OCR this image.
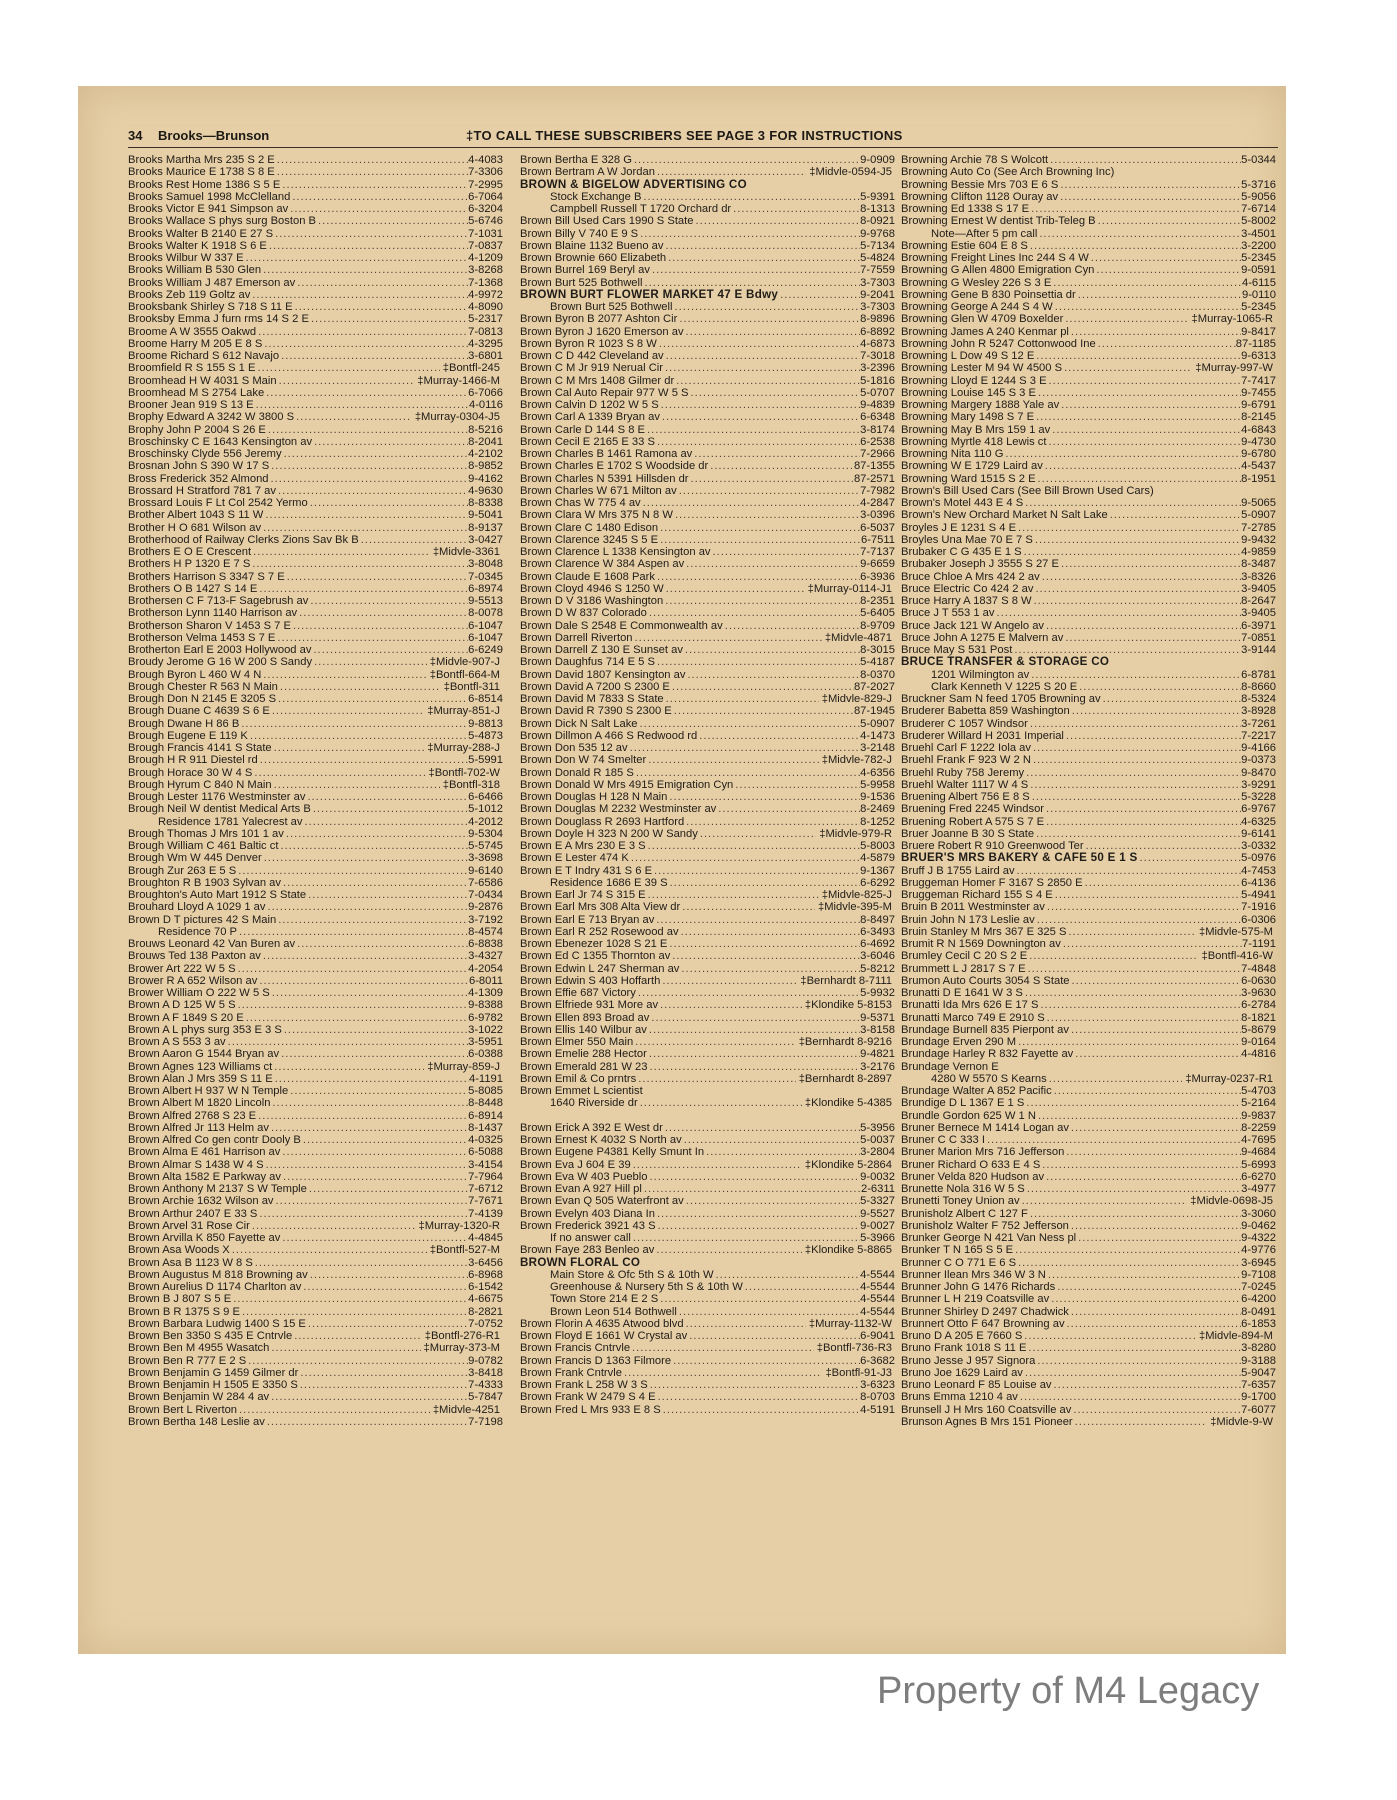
34 Brooks—Brunson	‡TO CALL THESE SUBSCRIBERS SEE PAGE 3 FOR INSTRUCTIONS
Brooks Martha Mrs 235 S 2 E .....	4-4083
Brooks Maurice E 1738 S 8 E .....	7-3306
Brooks Rest Home 1386 S 5 E .....	7-2995
Brooks Samuel 1998 McClelland .....	6-7064
Brooks Victor E 941 Simpson av .....	6-3204
Brooks Wallace S phys surg Boston B .....	5-6746
Brooks Walter B 2140 E 27 S .....	7-1031
Brooks Walter K 1918 S 6 E .....	7-0837
Brooks Wilbur W 337 E .....	4-1209
Brooks William B 530 Glen .....	3-8268
Brooks William J 487 Emerson av .....	7-1368
Brooks Zeb 119 Goltz av .....	4-9972
Brooksbank Shirley S 718 S 11 E .....	4-8090
Brooksby Emma J furn rms 14 S 2 E .....	5-2317
Broome A W 3555 Oakwd .....	7-0813
Broome Harry M 205 E 8 S .....	4-3295
Broome Richard S 612 Navajo .....	3-6801
Broomfield R S 155 S 1 E .....	‡Bontfl-245
Broomhead H W 4031 S Main .....	‡Murray-1466-M
Broomhead M S 2754 Lake .....	6-7066
Brooner Jean 919 S 13 E .....	4-0116
Brophy Edward A 3242 W 3800 S .....	‡Murray-0304-J5
Brophy John P 2004 S 26 E .....	8-5216
Broschinsky C E 1643 Kensington av .....	8-2041
Broschinsky Clyde 556 Jeremy .....	4-2102
Brosnan John S 390 W 17 S .....	8-9852
Bross Frederick 352 Almond .....	9-4162
Brossard H Stratford 781 7 av .....	4-9630
Brossard Louis F Lt Col 2542 Yermo .....	8-8338
Brother Albert 1043 S 11 W .....	9-5041
Brother H O 681 Wilson av .....	8-9137
Brotherhood of Railway Clerks Zions Sav Bk B .....	3-0427
Brothers E O E Crescent .....	‡Midvle-3361
Brothers H P 1320 E 7 S .....	3-8048
Brothers Harrison S 3347 S 7 E .....	7-0345
Brothers O B 1427 S 14 E .....	6-8974
Brothersen C F 713-F Sagebrush av .....	9-5513
Brotherson Lynn 1140 Harrison av .....	8-0078
Brotherson Sharon V 1453 S 7 E .....	6-1047
Brotherson Velma 1453 S 7 E .....	6-1047
Brotherton Earl E 2003 Hollywood av .....	6-6249
Broudy Jerome G 16 W 200 S Sandy .....	‡Midvle-907-J
Brough Byron L 460 W 4 N .....	‡Bontfl-664-M
Brough Chester R 563 N Main .....	‡Bontfl-311
Brough Don N 2145 E 3205 S .....	6-8514
Brough Duane C 4639 S 6 E .....	‡Murray-851-J
Brough Dwane H 86 B .....	9-8813
Brough Eugene E 119 K .....	5-4873
Brough Francis 4141 S State .....	‡Murray-288-J
Brough H R 911 Diestel rd .....	5-5991
Brough Horace 30 W 4 S .....	‡Bontfl-702-W
Brough Hyrum C 840 N Main .....	‡Bontfl-318
Brough Lester 1176 Westminster av .....	6-6466
Brough Neil W dentist Medical Arts B .....	5-1012
Residence 1781 Yalecrest av .....	4-2012
Brough Thomas J Mrs 101 1 av .....	9-5304
Brough William C 461 Baltic ct .....	5-5745
Brough Wm W 445 Denver .....	3-3698
Brough Zur 263 E 5 S .....	9-6140
Broughton R B 1903 Sylvan av .....	7-6586
Broughton's Auto Mart 1912 S State .....	7-0434
Brouhard Lloyd A 1029 1 av .....	9-2876
Brown D T pictures 42 S Main .....	3-7192
Residence 70 P .....	8-4574
Brouws Leonard 42 Van Buren av .....	6-8838
Brouws Ted 138 Paxton av .....	3-4327
Brower Art 222 W 5 S .....	4-2054
Brower R A 652 Wilson av .....	6-8011
Brower William O 222 W 5 S .....	4-1309
Brown A D 125 W 5 S .....	9-8388
Brown A F 1849 S 20 E .....	6-9782
Brown A L phys surg 353 E 3 S .....	3-1022
Brown A S 553 3 av .....	3-5951
Brown Aaron G 1544 Bryan av .....	6-0388
Brown Agnes 123 Williams ct .....	‡Murray-859-J
Brown Alan J Mrs 359 S 11 E .....	4-1191
Brown Albert H 937 W N Temple .....	5-8085
Brown Albert M 1820 Lincoln .....	8-8448
Brown Alfred 2768 S 23 E .....	6-8914
Brown Alfred Jr 113 Helm av .....	8-1437
Brown Alfred Co gen contr Dooly B .....	4-0325
Brown Alma E 461 Harrison av .....	6-5088
Brown Almar S 1438 W 4 S .....	3-4154
Brown Alta 1582 E Parkway av .....	7-7964
Brown Anthony M 2137 S W Temple .....	7-6712
Brown Archie 1632 Wilson av .....	7-7671
Brown Arthur 2407 E 33 S .....	7-4139
Brown Arvel 31 Rose Cir .....	‡Murray-1320-R
Brown Arvilla K 850 Fayette av .....	4-4845
Brown Asa Woods X .....	‡Bontfl-527-M
Brown Asa B 1123 W 8 S .....	3-6456
Brown Augustus M 818 Browning av .....	6-8968
Brown Aurelius D 1174 Charlton av .....	6-1542
Brown B J 807 S 5 E .....	4-6675
Brown B R 1375 S 9 E .....	8-2821
Brown Barbara Ludwig 1400 S 15 E .....	7-0752
Brown Ben 3350 S 435 E Cntrvle .....	‡Bontfl-276-R1
Brown Ben M 4955 Wasatch .....	‡Murray-373-M
Brown Ben R 777 E 2 S .....	9-0782
Brown Benjamin G 1459 Gilmer dr .....	3-8418
Brown Benjamin H 1505 E 3350 S .....	7-4333
Brown Benjamin W 284 4 av .....	5-7847
Brown Bert L Riverton .....	‡Midvle-4251
Brown Bertha 148 Leslie av .....	7-7198
Brown Bertha E 328 G .....	9-0909
Brown Bertram A W Jordan .....	‡Midvle-0594-J5
BROWN & BIGELOW ADVERTISING CO
Stock Exchange B .....	5-9391
Campbell Russell T 1720 Orchard dr .....	8-1313
Brown Bill Used Cars 1990 S State .....	8-0921
Brown Billy V 740 E 9 S .....	9-9768
Brown Blaine 1132 Bueno av .....	5-7134
Brown Brownie 660 Elizabeth .....	5-4824
Brown Burrel 169 Beryl av .....	7-7559
Brown Burt 525 Bothwell .....	3-7303
BROWN BURT FLOWER MARKET 47 E Bdwy .....	9-2041
Brown Burt 525 Bothwell .....	3-7303
Brown Byron B 2077 Ashton Cir .....	8-9896
Brown Byron J 1620 Emerson av .....	6-8892
Brown Byron R 1023 S 8 W .....	4-6873
Brown C D 442 Cleveland av .....	7-3018
Brown C M Jr 919 Nerual Cir .....	3-2396
Brown C M Mrs 1408 Gilmer dr .....	5-1816
Brown Cal Auto Repair 977 W 5 S .....	5-0707
Brown Calvin D 1202 W 5 S .....	9-4839
Brown Carl A 1339 Bryan av .....	6-6348
Brown Carle D 144 S 8 E .....	3-8174
Brown Cecil E 2165 E 33 S .....	6-2538
Brown Charles B 1461 Ramona av .....	7-2966
Brown Charles E 1702 S Woodside dr .....	87-1355
Brown Charles N 5391 Hillsden dr .....	87-2571
Brown Charles W 671 Milton av .....	7-7982
Brown Chas W 775 4 av .....	4-2847
Brown Clara W Mrs 375 N 8 W .....	3-0396
Brown Clare C 1480 Edison .....	6-5037
Brown Clarence 3245 S 5 E .....	6-7511
Brown Clarence L 1338 Kensington av .....	7-7137
Brown Clarence W 384 Aspen av .....	9-6659
Brown Claude E 1608 Park .....	6-3936
Brown Cloyd 4946 S 1250 W .....	‡Murray-0114-J1
Brown D V 3186 Washington .....	8-2351
Brown D W 837 Colorado .....	5-6405
Brown Dale S 2548 E Commonwealth av .....	8-9709
Brown Darrell Riverton .....	‡Midvle-4871
Brown Darrell Z 130 E Sunset av .....	8-3015
Brown Daughfus 714 E 5 S .....	5-4187
Brown David 1807 Kensington av .....	8-0370
Brown David A 7200 S 2300 E .....	87-2027
Brown David M 7833 S State .....	‡Midvle-829-J
Brown David R 7390 S 2300 E .....	87-1945
Brown Dick N Salt Lake .....	5-0907
Brown Dillmon A 466 S Redwood rd .....	4-1473
Brown Don 535 12 av .....	3-2148
Brown Don W 74 Smelter .....	‡Midvle-782-J
Brown Donald R 185 S .....	4-6356
Brown Donald W Mrs 4915 Emigration Cyn .....	5-9958
Brown Douglas H 128 N Main .....	9-1536
Brown Douglas M 2232 Westminster av .....	8-2469
Brown Douglass R 2693 Hartford .....	8-1252
Brown Doyle H 323 N 200 W Sandy .....	‡Midvle-979-R
Brown E A Mrs 230 E 3 S .....	5-8003
Brown E Lester 474 K .....	4-5879
Brown E T Indry 431 S 6 E .....	9-1367
Residence 1686 E 39 S .....	6-6292
Brown Earl Jr 74 S 315 E .....	‡Midvle-825-J
Brown Earl Mrs 308 Alta View dr .....	‡Midvle-395-M
Brown Earl E 713 Bryan av .....	8-8497
Brown Earl R 252 Rosewood av .....	6-3493
Brown Ebenezer 1028 S 21 E .....	6-4692
Brown Ed C 1355 Thornton av .....	3-6046
Brown Edwin L 247 Sherman av .....	5-8212
Brown Edwin S 403 Hoffarth .....	‡Bernhardt 8-7111
Brown Effie 687 Victory .....	5-9932
Brown Elfriede 931 More av .....	‡Klondike 5-8153
Brown Ellen 893 Broad av .....	9-5371
Brown Ellis 140 Wilbur av .....	3-8158
Brown Elmer 550 Main .....	‡Bernhardt 8-9216
Brown Emelie 288 Hector .....	9-4821
Brown Emerald 281 W 23 .....	3-2176
Brown Emil & Co prntrs .....	‡Bernhardt 8-2897
Brown Emmet L scientist
1640 Riverside dr .....	‡Klondike 5-4385
Brown Erick A 392 E West dr .....	5-3956
Brown Ernest K 4032 S North av .....	5-0037
Brown Eugene P4381 Kelly Smunt In .....	3-2804
Brown Eva J 604 E 39 .....	‡Klondike 5-2864
Brown Eva W 403 Pueblo .....	9-0032
Brown Evan A 927 Hill pl .....	2-6311
Brown Evan Q 505 Waterfront av .....	5-3327
Brown Evelyn 403 Diana In .....	9-5527
Brown Frederick 3921 43 S .....	9-0027
If no answer call .....	5-3966
Brown Faye 283 Benleo av .....	‡Klondike 5-8865
BROWN FLORAL CO
Main Store & Ofc 5th S & 10th W .....	4-5544
Greenhouse & Nursery 5th S & 10th W .....	4-5544
Town Store 214 E 2 S .....	4-5544
Brown Leon 514 Bothwell .....	4-5544
Brown Florin A 4635 Atwood blvd .....	‡Murray-1132-W
Brown Floyd E 1661 W Crystal av .....	6-9041
Brown Francis Cntrvle .....	‡Bontfl-736-R3
Brown Francis D 1363 Filmore .....	6-3682
Brown Frank Cntrvle .....	‡Bontfl-91-J3
Brown Frank L 258 W 3 S .....	3-6323
Brown Frank W 2479 S 4 E .....	8-0703
Brown Fred L Mrs 933 E 8 S .....	4-5191
Browning Archie 78 S Wolcott .....	5-0344
Browning Auto Co (See Arch Browning Inc)
Browning Bessie Mrs 703 E 6 S .....	5-3716
Browning Clifton 1128 Ouray av .....	5-9056
Browning Ed 1338 S 17 E .....	7-6714
Browning Ernest W dentist Trib-Teleg B .....	5-8002
Note—After 5 pm call .....	3-4501
Browning Estie 604 E 8 S .....	3-2200
Browning Freight Lines Inc 244 S 4 W .....	5-2345
Browning G Allen 4800 Emigration Cyn .....	9-0591
Browning G Wesley 226 S 3 E .....	4-6115
Browning Gene B 830 Poinsettia dr .....	9-0110
Browning George A 244 S 4 W .....	5-2345
Browning Glen W 4709 Boxelder .....	‡Murray-1065-R
Browning James A 240 Kenmar pl .....	9-8417
Browning John R 5247 Cottonwood Ine .....	87-1185
Browning L Dow 49 S 12 E .....	9-6313
Browning Lester M 94 W 4500 S .....	‡Murray-997-W
Browning Lloyd E 1244 S 3 E .....	7-7417
Browning Louise 145 S 3 E .....	9-7455
Browning Margery 1888 Yale av .....	9-6791
Browning Mary 1498 S 7 E .....	8-2145
Browning May B Mrs 159 1 av .....	4-6843
Browning Myrtle 418 Lewis ct .....	9-4730
Browning Nita 110 G .....	9-6780
Browning W E 1729 Laird av .....	4-5437
Browning Ward 1515 S 2 E .....	8-1951
Brown's Bill Used Cars (See Bill Brown Used Cars)
Brown's Motel 443 E 4 S .....	9-5065
Brown's New Orchard Market N Salt Lake .....	5-0907
Broyles J E 1231 S 4 E .....	7-2785
Broyles Una Mae 70 E 7 S .....	9-9432
Brubaker C G 435 E 1 S .....	4-9859
Brubaker Joseph J 3555 S 27 E .....	8-3487
Bruce Chloe A Mrs 424 2 av .....	3-8326
Bruce Electric Co 424 2 av .....	3-9405
Bruce Harry A 1837 S 8 W .....	8-2647
Bruce J T 553 1 av .....	3-9405
Bruce Jack 121 W Angelo av .....	6-3971
Bruce John A 1275 E Malvern av .....	7-0851
Bruce May S 531 Post .....	3-9144
BRUCE TRANSFER & STORAGE CO
1201 Wilmington av .....	6-8781
Clark Kenneth V 1225 S 20 E .....	8-8660
Bruckner Sam N feed 1705 Browning av .....	8-5324
Bruderer Babetta 859 Washington .....	3-8928
Bruderer C 1057 Windsor .....	3-7261
Bruderer Willard H 2031 Imperial .....	7-2217
Bruehl Carl F 1222 Iola av .....	9-4166
Bruehl Frank F 923 W 2 N .....	9-0373
Bruehl Ruby 758 Jeremy .....	9-8470
Bruehl Walter 1117 W 4 S .....	3-9291
Bruening Albert 756 E 8 S .....	5-3228
Bruening Fred 2245 Windsor .....	6-9767
Bruening Robert A 575 S 7 E .....	4-6325
Bruer Joanne B 30 S State .....	9-6141
Bruere Robert R 910 Greenwood Ter .....	3-0332
BRUER'S MRS BAKERY & CAFE 50 E 1 S .....	5-0976
Bruff J B 1755 Laird av .....	4-7453
Bruggeman Homer F 3167 S 2850 E .....	6-4136
Bruggeman Richard 155 S 4 E .....	5-4941
Bruin B 2011 Westminster av .....	7-1916
Bruin John N 173 Leslie av .....	6-0306
Bruin Stanley M Mrs 367 E 325 S .....	‡Midvle-575-M
Brumit R N 1569 Downington av .....	7-1191
Brumley Cecil C 20 S 2 E .....	‡Bontfl-416-W
Brummett L J 2817 S 7 E .....	7-4848
Brumon Auto Courts 3054 S State .....	6-0630
Brunatti D E 1641 W 3 S .....	3-9630
Brunatti Ida Mrs 626 E 17 S .....	6-2784
Brunatti Marco 749 E 2910 S .....	8-1821
Brundage Burnell 835 Pierpont av .....	5-8679
Brundage Erven 290 M .....	9-0164
Brundage Harley R 832 Fayette av .....	4-4816
Brundage Vernon E
4280 W 5570 S Kearns .....	‡Murray-0237-R1
Brundage Walter A 852 Pacific .....	5-4703
Brundige D L 1367 E 1 S .....	5-2164
Brundle Gordon 625 W 1 N .....	9-9837
Bruner Bernece M 1414 Logan av .....	8-2259
Bruner C C 333 I .....	4-7695
Bruner Marion Mrs 716 Jefferson .....	9-4684
Bruner Richard O 633 E 4 S .....	5-6993
Bruner Velda 820 Hudson av .....	6-6270
Brunette Nola 316 W 5 S .....	3-4977
Brunetti Toney Union av .....	‡Midvle-0698-J5
Brunisholz Albert C 127 F .....	3-3060
Brunisholz Walter F 752 Jefferson .....	9-0462
Brunker George N 421 Van Ness pl .....	9-4322
Brunker T N 165 S 5 E .....	4-9776
Brunner C O 771 E 6 S .....	3-6945
Brunner Ilean Mrs 346 W 3 N .....	9-7108
Brunner John G 1476 Richards .....	7-0245
Brunner L H 219 Coatsville av .....	6-4200
Brunner Shirley D 2497 Chadwick .....	8-0491
Brunnert Otto F 647 Browning av .....	6-1853
Bruno D A 205 E 7660 S .....	‡Midvle-894-M
Bruno Frank 1018 S 11 E .....	3-8280
Bruno Jesse J 957 Signora .....	9-3188
Bruno Joe 1629 Laird av .....	5-9047
Bruno Leonard F 85 Louise av .....	7-6357
Bruns Emma 1210 4 av .....	9-1700
Brunsell J H Mrs 160 Coatsville av .....	7-6077
Brunson Agnes B Mrs 151 Pioneer .....	‡Midvle-9-W
Property of M4 Legacy
